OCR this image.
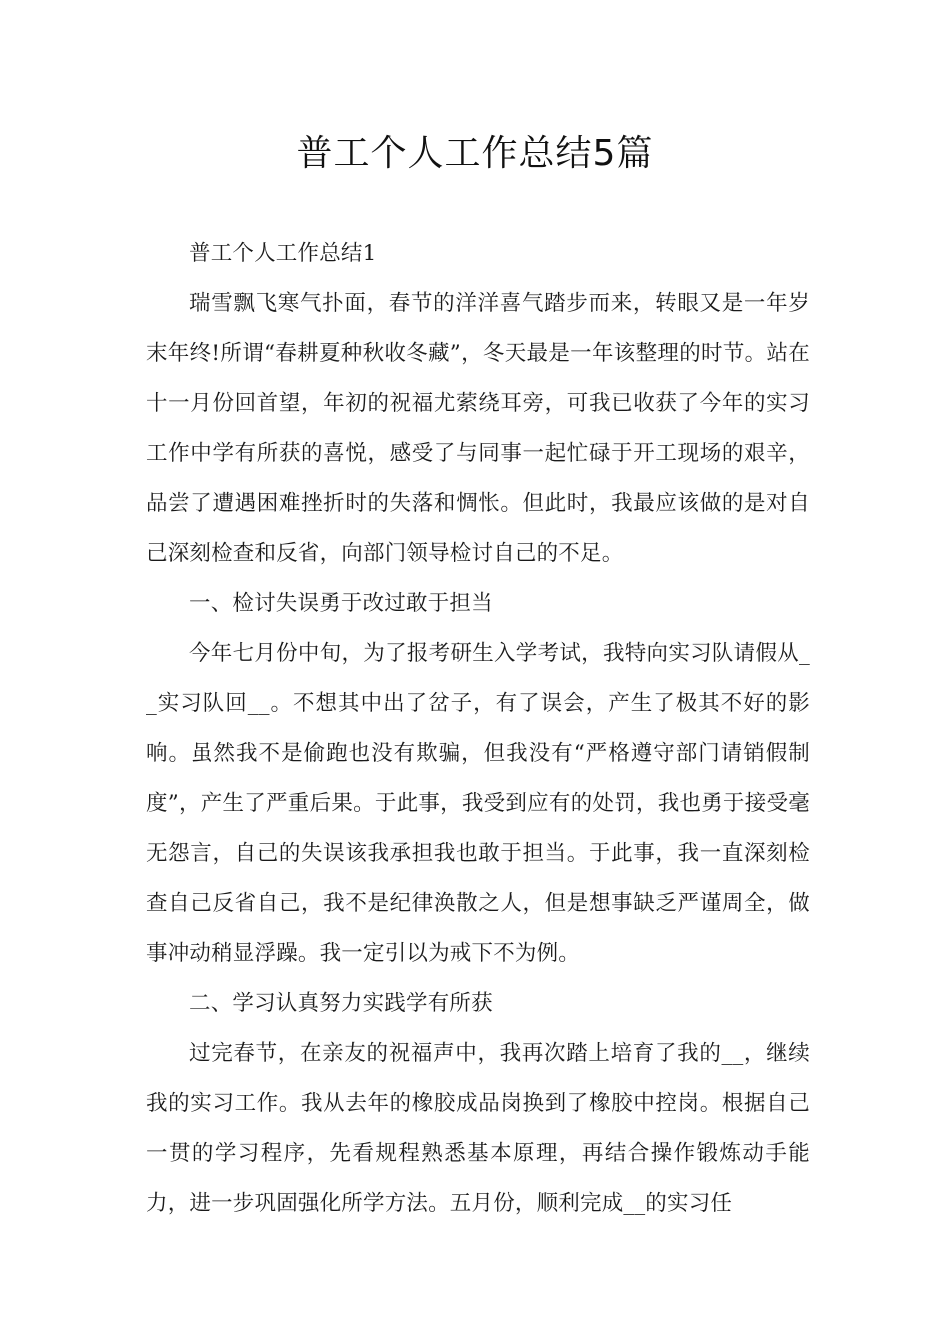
普工个人工作总结5篇

普工个人工作总结1

瑞雪飘飞寒气扑面，春节的洋洋喜气踏步而来，转眼又是一年岁末年终!所谓“春耕夏种秋收冬藏”，冬天最是一年该整理的时节。站在十一月份回首望，年初的祝福尤萦绕耳旁，可我已收获了今年的实习工作中学有所获的喜悦，感受了与同事一起忙碌于开工现场的艰辛，品尝了遭遇困难挫折时的失落和惆怅。但此时，我最应该做的是对自己深刻检查和反省，向部门领导检讨自己的不足。

一、检讨失误勇于改过敢于担当

今年七月份中旬，为了报考研生入学考试，我特向实习队请假从__实习队回__。不想其中出了岔子，有了误会，产生了极其不好的影响。虽然我不是偷跑也没有欺骗，但我没有“严格遵守部门请销假制度”，产生了严重后果。于此事，我受到应有的处罚，我也勇于接受毫无怨言，自己的失误该我承担我也敢于担当。于此事，我一直深刻检查自己反省自己，我不是纪律涣散之人，但是想事缺乏严谨周全，做事冲动稍显浮躁。我一定引以为戒下不为例。

二、学习认真努力实践学有所获

过完春节，在亲友的祝福声中，我再次踏上培育了我的__，继续我的实习工作。我从去年的橡胶成品岗换到了橡胶中控岗。根据自己一贯的学习程序，先看规程熟悉基本原理，再结合操作锻炼动手能力，进一步巩固强化所学方法。五月份，顺利完成__的实习任
